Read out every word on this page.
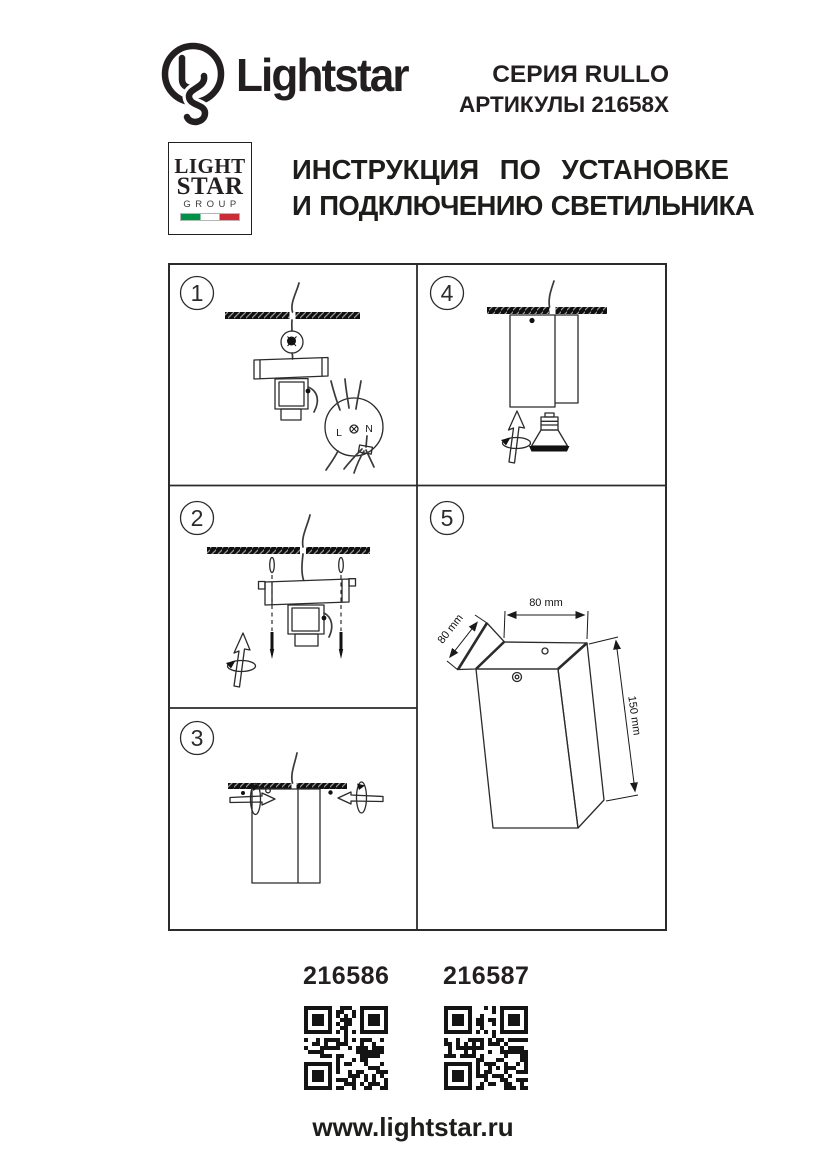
Lightstar	СЕРИЯ RULLO
АРТИКУЛЫ 21658X
LIGHT
STAR
GROUP
ИНСТРУКЦИЯ ПО УСТАНОВКЕ
И ПОДКЛЮЧЕНИЮ СВЕТИЛЬНИКА
1
L N
4
2
3
5
80 mm
80 mm
150 mm
216586 216587
www.lightstar.ru
